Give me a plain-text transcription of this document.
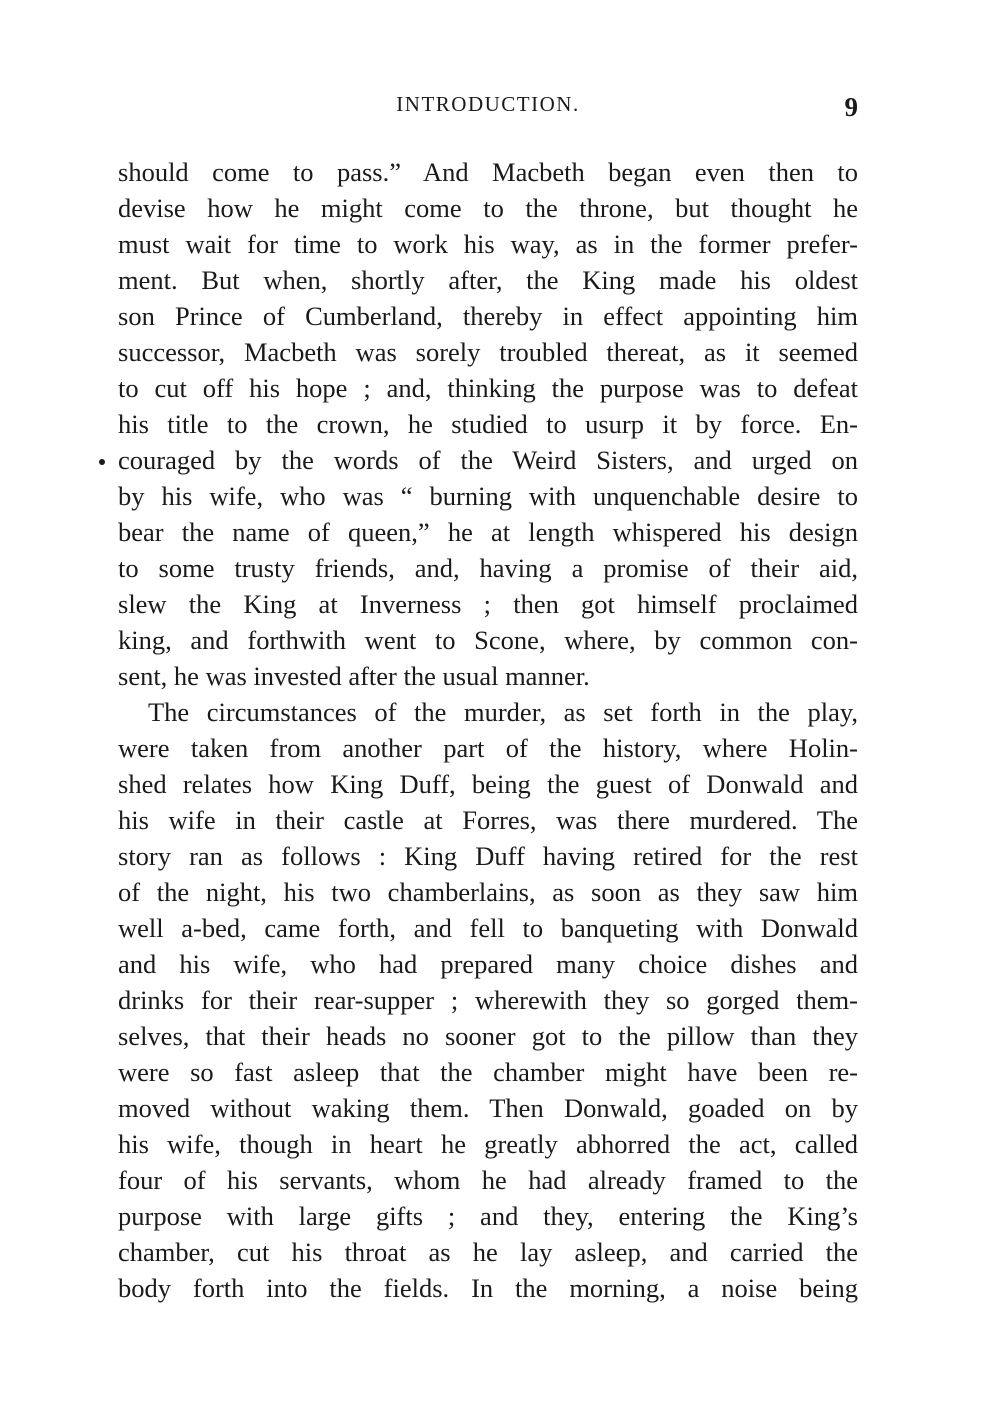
INTRODUCTION.	9
should come to pass.” And Macbeth began even then to
devise how he might come to the throne, but thought he
must wait for time to work his way, as in the former prefer-
ment. But when, shortly after, the King made his oldest
son Prince of Cumberland, thereby in effect appointing him
successor, Macbeth was sorely troubled thereat, as it seemed
to cut off his hope ; and, thinking the purpose was to defeat
his title to the crown, he studied to usurp it by force. En-
couraged by the words of the Weird Sisters, and urged on
by his wife, who was “ burning with unquenchable desire to
bear the name of queen,” he at length whispered his design
to some trusty friends, and, having a promise of their aid,
slew the King at Inverness ; then got himself proclaimed
king, and forthwith went to Scone, where, by common con-
sent, he was invested after the usual manner.
The circumstances of the murder, as set forth in the play,
were taken from another part of the history, where Holin-
shed relates how King Duff, being the guest of Donwald and
his wife in their castle at Forres, was there murdered. The
story ran as follows : King Duff having retired for the rest
of the night, his two chamberlains, as soon as they saw him
well a-bed, came forth, and fell to banqueting with Donwald
and his wife, who had prepared many choice dishes and
drinks for their rear-supper ; wherewith they so gorged them-
selves, that their heads no sooner got to the pillow than they
were so fast asleep that the chamber might have been re-
moved without waking them. Then Donwald, goaded on by
his wife, though in heart he greatly abhorred the act, called
four of his servants, whom he had already framed to the
purpose with large gifts ; and they, entering the King’s
chamber, cut his throat as he lay asleep, and carried the
body forth into the fields. In the morning, a noise being
